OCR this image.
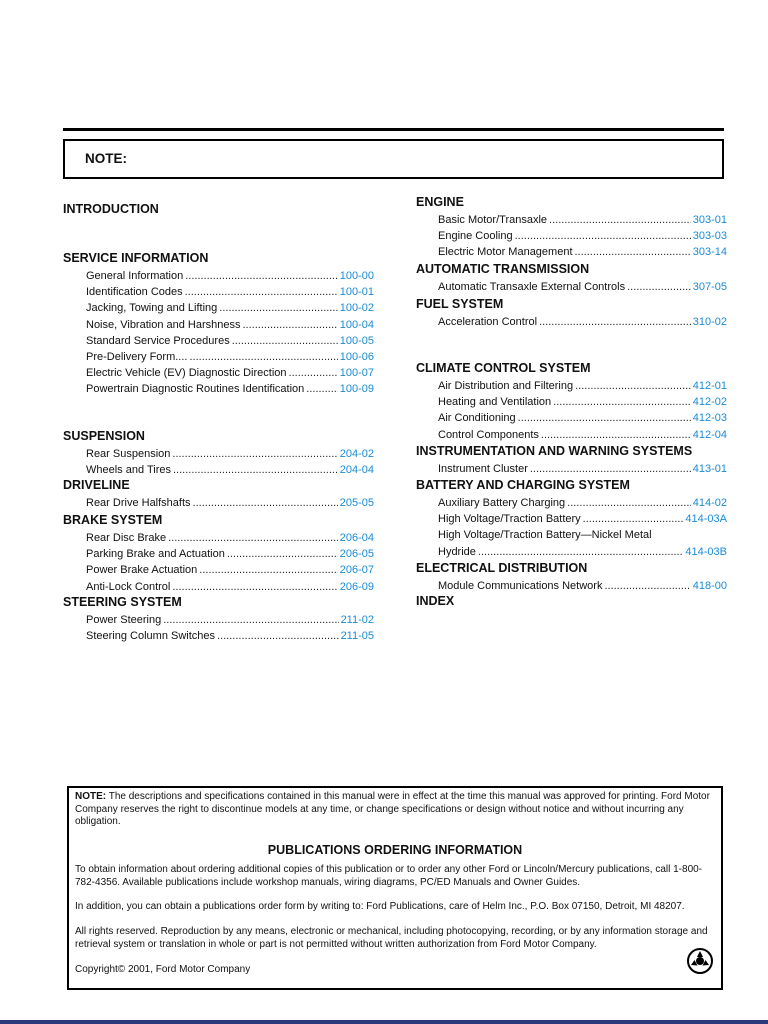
NOTE:
INTRODUCTION
SERVICE INFORMATION
General Information .....	100-00
Identification Codes .....	100-01
Jacking, Towing and Lifting .....	100-02
Noise, Vibration and Harshness .....	100-04
Standard Service Procedures .....	100-05
Pre-Delivery Form.... .....	100-06
Electric Vehicle (EV) Diagnostic Direction .....	100-07
Powertrain Diagnostic Routines Identification .....	100-09
SUSPENSION
Rear Suspension .....	204-02
Wheels and Tires .....	204-04
DRIVELINE
Rear Drive Halfshafts .....	205-05
BRAKE SYSTEM
Rear Disc Brake .....	206-04
Parking Brake and Actuation .....	206-05
Power Brake Actuation .....	206-07
Anti-Lock Control .....	206-09
STEERING SYSTEM
Power Steering .....	211-02
Steering Column Switches .....	211-05
ENGINE
Basic Motor/Transaxle .....	303-01
Engine Cooling .....	303-03
Electric Motor Management .....	303-14
AUTOMATIC TRANSMISSION
Automatic Transaxle External Controls .....	307-05
FUEL SYSTEM
Acceleration Control .....	310-02
CLIMATE CONTROL SYSTEM
Air Distribution and Filtering .....	412-01
Heating and Ventilation .....	412-02
Air Conditioning .....	412-03
Control Components .....	412-04
INSTRUMENTATION AND WARNING SYSTEMS
Instrument Cluster .....	413-01
BATTERY AND CHARGING SYSTEM
Auxiliary Battery Charging .....	414-02
High Voltage/Traction Battery .....	414-03A
High Voltage/Traction Battery—Nickel Metal
Hydride .....	414-03B
ELECTRICAL DISTRIBUTION
Module Communications Network .....	418-00
INDEX

NOTE: The descriptions and specifications contained in this manual were in effect at the time this manual was approved for printing. Ford Motor Company reserves the right to discontinue models at any time, or change specifications or design without notice and without incurring any obligation.

PUBLICATIONS ORDERING INFORMATION

To obtain information about ordering additional copies of this publication or to order any other Ford or Lincoln/Mercury publications, call 1-800-782-4356. Available publications include workshop manuals, wiring diagrams, PC/ED Manuals and Owner Guides.

In addition, you can obtain a publications order form by writing to: Ford Publications, care of Helm Inc., P.O. Box 07150, Detroit, MI 48207.

All rights reserved. Reproduction by any means, electronic or mechanical, including photocopying, recording, or by any information storage and retrieval system or translation in whole or part is not permitted without written authorization from Ford Motor Company.

Copyright© 2001, Ford Motor Company
